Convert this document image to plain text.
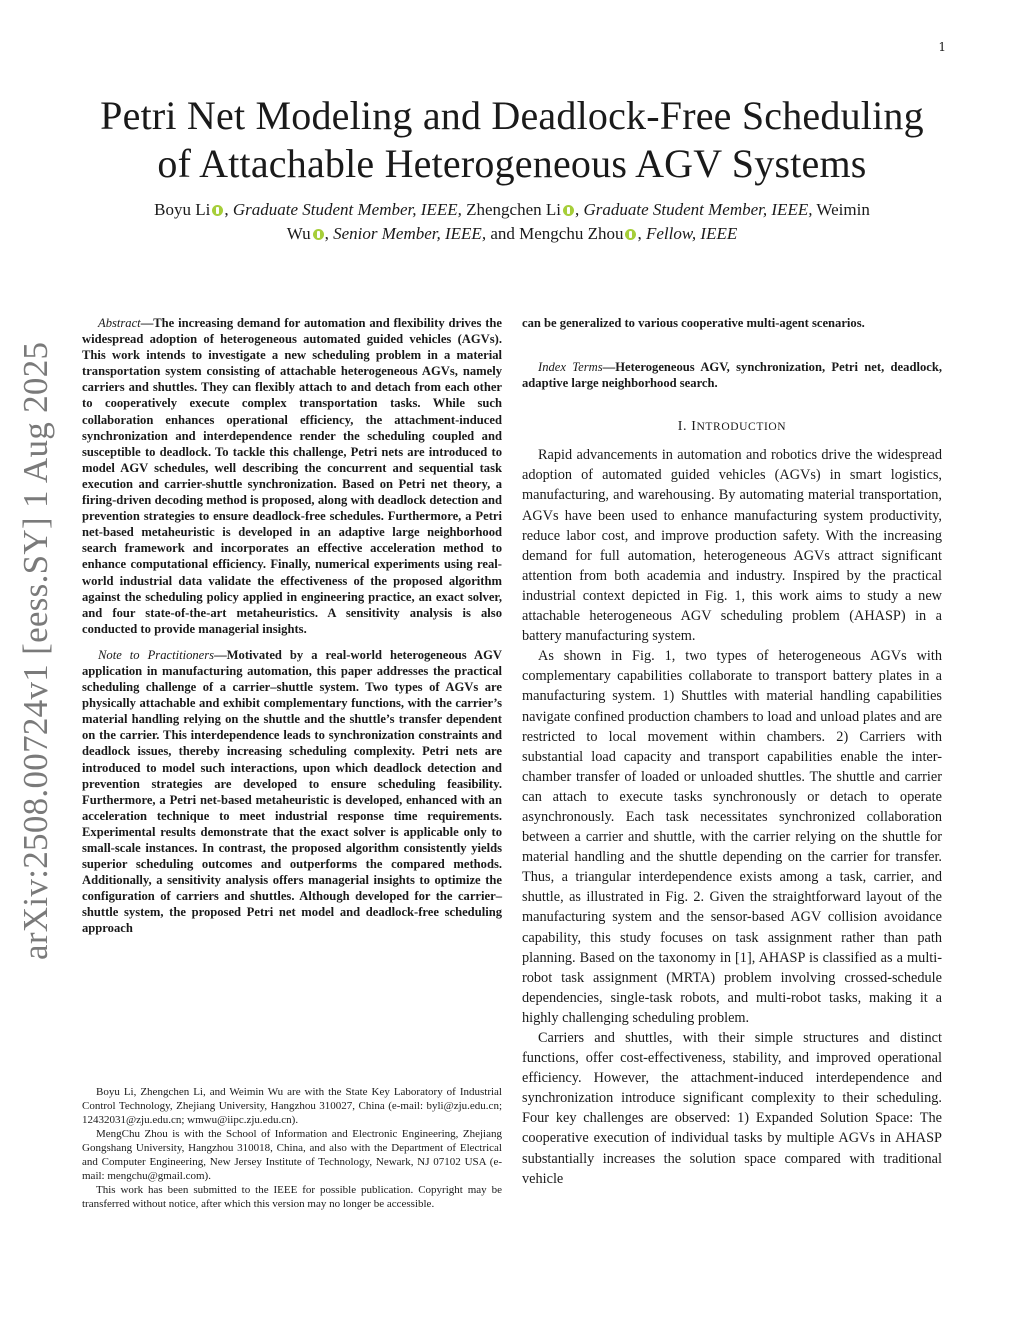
1
arXiv:2508.00724v1 [eess.SY] 1 Aug 2025
Petri Net Modeling and Deadlock-Free Scheduling
of Attachable Heterogeneous AGV Systems
Boyu Li , Graduate Student Member, IEEE, Zhengchen Li , Graduate Student Member, IEEE, Weimin
Wu , Senior Member, IEEE, and Mengchu Zhou , Fellow, IEEE

Abstract—The increasing demand for automation and flexibility drives the widespread adoption of heterogeneous automated guided vehicles (AGVs). This work intends to investigate a new scheduling problem in a material transportation system consisting of attachable heterogeneous AGVs, namely carriers and shuttles. They can flexibly attach to and detach from each other to cooperatively execute complex transportation tasks. While such collaboration enhances operational efficiency, the attachment-induced synchronization and interdependence render the scheduling coupled and susceptible to deadlock. To tackle this challenge, Petri nets are introduced to model AGV schedules, well describing the concurrent and sequential task execution and carrier-shuttle synchronization. Based on Petri net theory, a firing-driven decoding method is proposed, along with deadlock detection and prevention strategies to ensure deadlock-free schedules. Furthermore, a Petri net-based metaheuristic is developed in an adaptive large neighborhood search framework and incorporates an effective acceleration method to enhance computational efficiency. Finally, numerical experiments using real-world industrial data validate the effectiveness of the proposed algorithm against the scheduling policy applied in engineering practice, an exact solver, and four state-of-the-art metaheuristics. A sensitivity analysis is also conducted to provide managerial insights.

Note to Practitioners—Motivated by a real-world heterogeneous AGV application in manufacturing automation, this paper addresses the practical scheduling challenge of a carrier–shuttle system. Two types of AGVs are physically attachable and exhibit complementary functions, with the carrier’s material handling relying on the shuttle and the shuttle’s transfer dependent on the carrier. This interdependence leads to synchronization constraints and deadlock issues, thereby increasing scheduling complexity. Petri nets are introduced to model such interactions, upon which deadlock detection and prevention strategies are developed to ensure scheduling feasibility. Furthermore, a Petri net-based metaheuristic is developed, enhanced with an acceleration technique to meet industrial response time requirements. Experimental results demonstrate that the exact solver is applicable only to small-scale instances. In contrast, the proposed algorithm consistently yields superior scheduling outcomes and outperforms the compared methods. Additionally, a sensitivity analysis offers managerial insights to optimize the configuration of carriers and shuttles. Although developed for the carrier–shuttle system, the proposed Petri net model and deadlock-free scheduling approach

Boyu Li, Zhengchen Li, and Weimin Wu are with the State Key Laboratory of Industrial Control Technology, Zhejiang University, Hangzhou 310027, China (e-mail: byli@zju.edu.cn; 12432031@zju.edu.cn; wmwu@iipc.zju.edu.cn).

MengChu Zhou is with the School of Information and Electronic Engineering, Zhejiang Gongshang University, Hangzhou 310018, China, and also with the Department of Electrical and Computer Engineering, New Jersey Institute of Technology, Newark, NJ 07102 USA (e-mail: mengchu@gmail.com).

This work has been submitted to the IEEE for possible publication. Copyright may be transferred without notice, after which this version may no longer be accessible.

can be generalized to various cooperative multi-agent scenarios.

Index Terms—Heterogeneous AGV, synchronization, Petri net, deadlock, adaptive large neighborhood search.

I. INTRODUCTION

Rapid advancements in automation and robotics drive the widespread adoption of automated guided vehicles (AGVs) in smart logistics, manufacturing, and warehousing. By automating material transportation, AGVs have been used to enhance manufacturing system productivity, reduce labor cost, and improve production safety. With the increasing demand for full automation, heterogeneous AGVs attract significant attention from both academia and industry. Inspired by the practical industrial context depicted in Fig. 1, this work aims to study a new attachable heterogeneous AGV scheduling problem (AHASP) in a battery manufacturing system.

As shown in Fig. 1, two types of heterogeneous AGVs with complementary capabilities collaborate to transport battery plates in a manufacturing system. 1) Shuttles with material handling capabilities navigate confined production chambers to load and unload plates and are restricted to local movement within chambers. 2) Carriers with substantial load capacity and transport capabilities enable the inter-chamber transfer of loaded or unloaded shuttles. The shuttle and carrier can attach to execute tasks synchronously or detach to operate asynchronously. Each task necessitates synchronized collaboration between a carrier and shuttle, with the carrier relying on the shuttle for material handling and the shuttle depending on the carrier for transfer. Thus, a triangular interdependence exists among a task, carrier, and shuttle, as illustrated in Fig. 2. Given the straightforward layout of the manufacturing system and the sensor-based AGV collision avoidance capability, this study focuses on task assignment rather than path planning. Based on the taxonomy in [1], AHASP is classified as a multi-robot task assignment (MRTA) problem involving crossed-schedule dependencies, single-task robots, and multi-robot tasks, making it a highly challenging scheduling problem.

Carriers and shuttles, with their simple structures and distinct functions, offer cost-effectiveness, stability, and improved operational efficiency. However, the attachment-induced interdependence and synchronization introduce significant complexity to their scheduling. Four key challenges are observed: 1) Expanded Solution Space: The cooperative execution of individual tasks by multiple AGVs in AHASP substantially increases the solution space compared with traditional vehicle
